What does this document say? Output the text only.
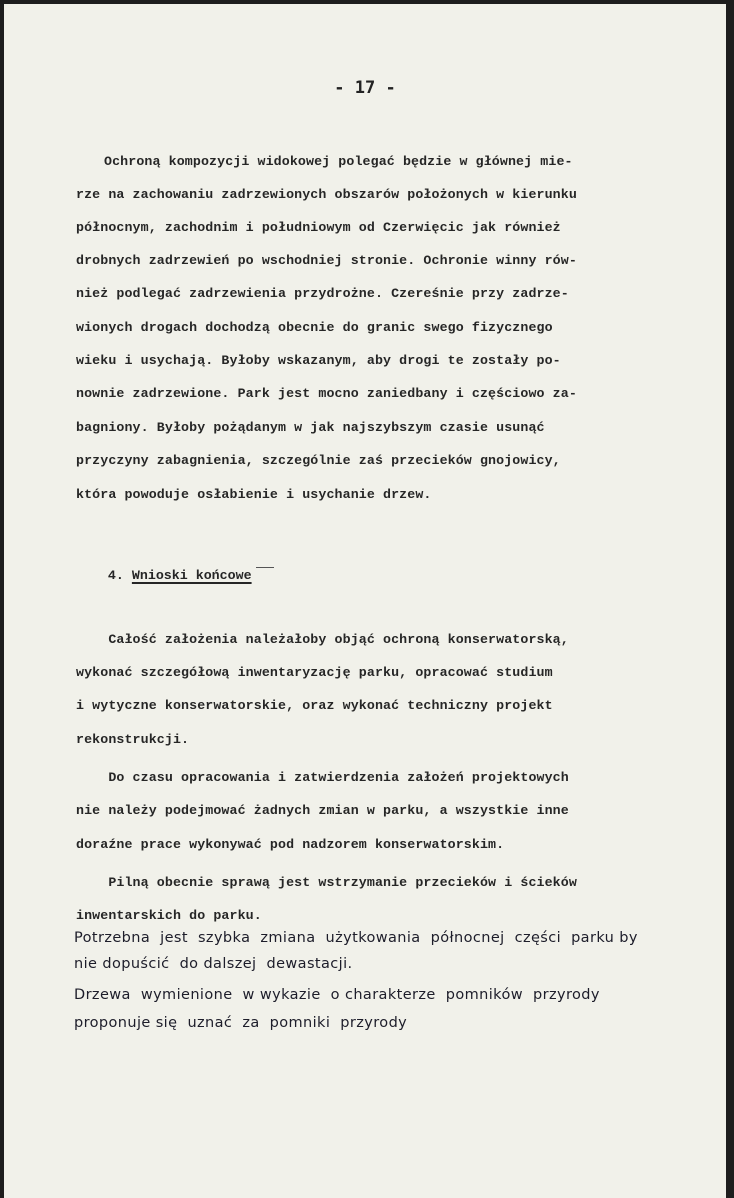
- 17 -
Ochroną kompozycji widokowej polegać będzie w głównej mie-
rze na zachowaniu zadrzewionych obszarów położonych w kierunku
północnym, zachodnim i południowym od Czerwięcic jak również
drobnych zadrzewień po wschodniej stronie. Ochronie winny rów-
nież podlegać zadrzewienia przydrożne. Czereśnie przy zadrze-
wionych drogach dochodzą obecnie do granic swego fizycznego
wieku i usychają. Byłoby wskazanym, aby drogi te zostały po-
nownie zadrzewione. Park jest mocno zaniedbany i częściowo za-
bagniony. Byłoby pożądanym w jak najszybszym czasie usunąć
przyczyny zabagnienia, szczególnie zaś przecieków gnojowicy,
która powoduje osłabienie i usychanie drzew.

4. Wnioski końcowe

Całość założenia należałoby objąć ochroną konserwatorską,
wykonać szczegółową inwentaryzację parku, opracować studium
i wytyczne konserwatorskie, oraz wykonać techniczny projekt
rekonstrukcji.
Do czasu opracowania i zatwierdzenia założeń projektowych
nie należy podejmować żadnych zmian w parku, a wszystkie inne
doraźne prace wykonywać pod nadzorem konserwatorskim.
Pilną obecnie sprawą jest wstrzymanie przecieków i ścieków
inwentarskich do parku.
Potrzebna  jest  szybka  zmiana  użytkowania  północnej  części  parku by
nie dopuścić  do dalszej  dewastacji.
Drzewa  wymienione  w wykazie  o charakterze  pomników  przyrody
proponuje się  uznać  za  pomniki  przyrody
